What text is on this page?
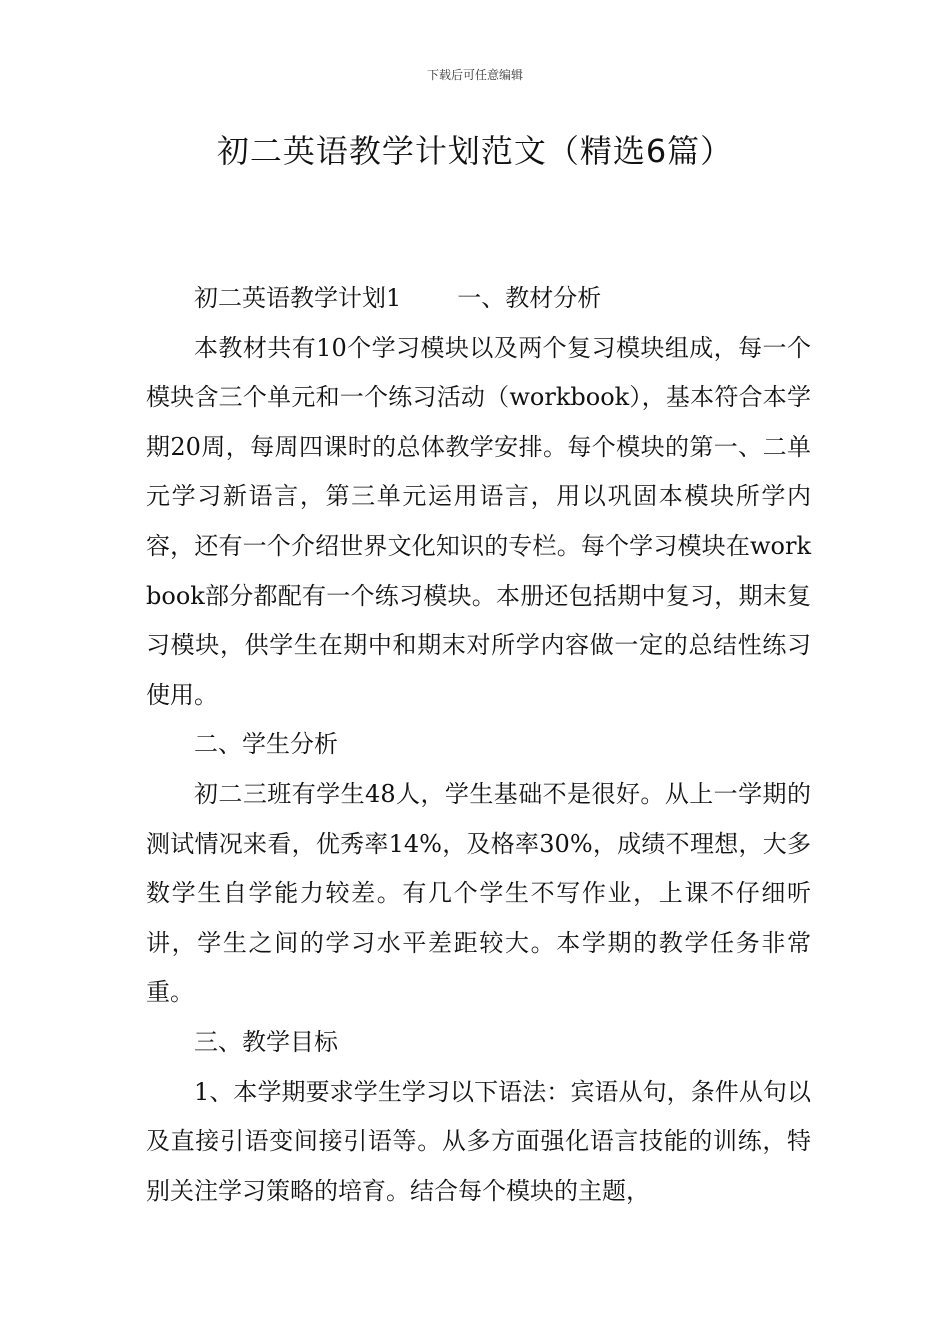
下载后可任意编辑
初二英语教学计划范文（精选6篇）

初二英语教学计划1 一、教材分析

本教材共有10个学习模块以及两个复习模块组成，每一个模块含三个单元和一个练习活动（workbook），基本符合本学期20周，每周四课时的总体教学安排。每个模块的第一、二单元学习新语言，第三单元运用语言，用以巩固本模块所学内容，还有一个介绍世界文化知识的专栏。每个学习模块在workbook部分都配有一个练习模块。本册还包括期中复习，期末复习模块，供学生在期中和期末对所学内容做一定的总结性练习使用。

二、学生分析

初二三班有学生48人，学生基础不是很好。从上一学期的测试情况来看，优秀率14%，及格率30%，成绩不理想，大多数学生自学能力较差。有几个学生不写作业，上课不仔细听讲，学生之间的学习水平差距较大。本学期的教学任务非常重。

三、教学目标

1、本学期要求学生学习以下语法：宾语从句，条件从句以及直接引语变间接引语等。从多方面强化语言技能的训练，特别关注学习策略的培育。结合每个模块的主题，
